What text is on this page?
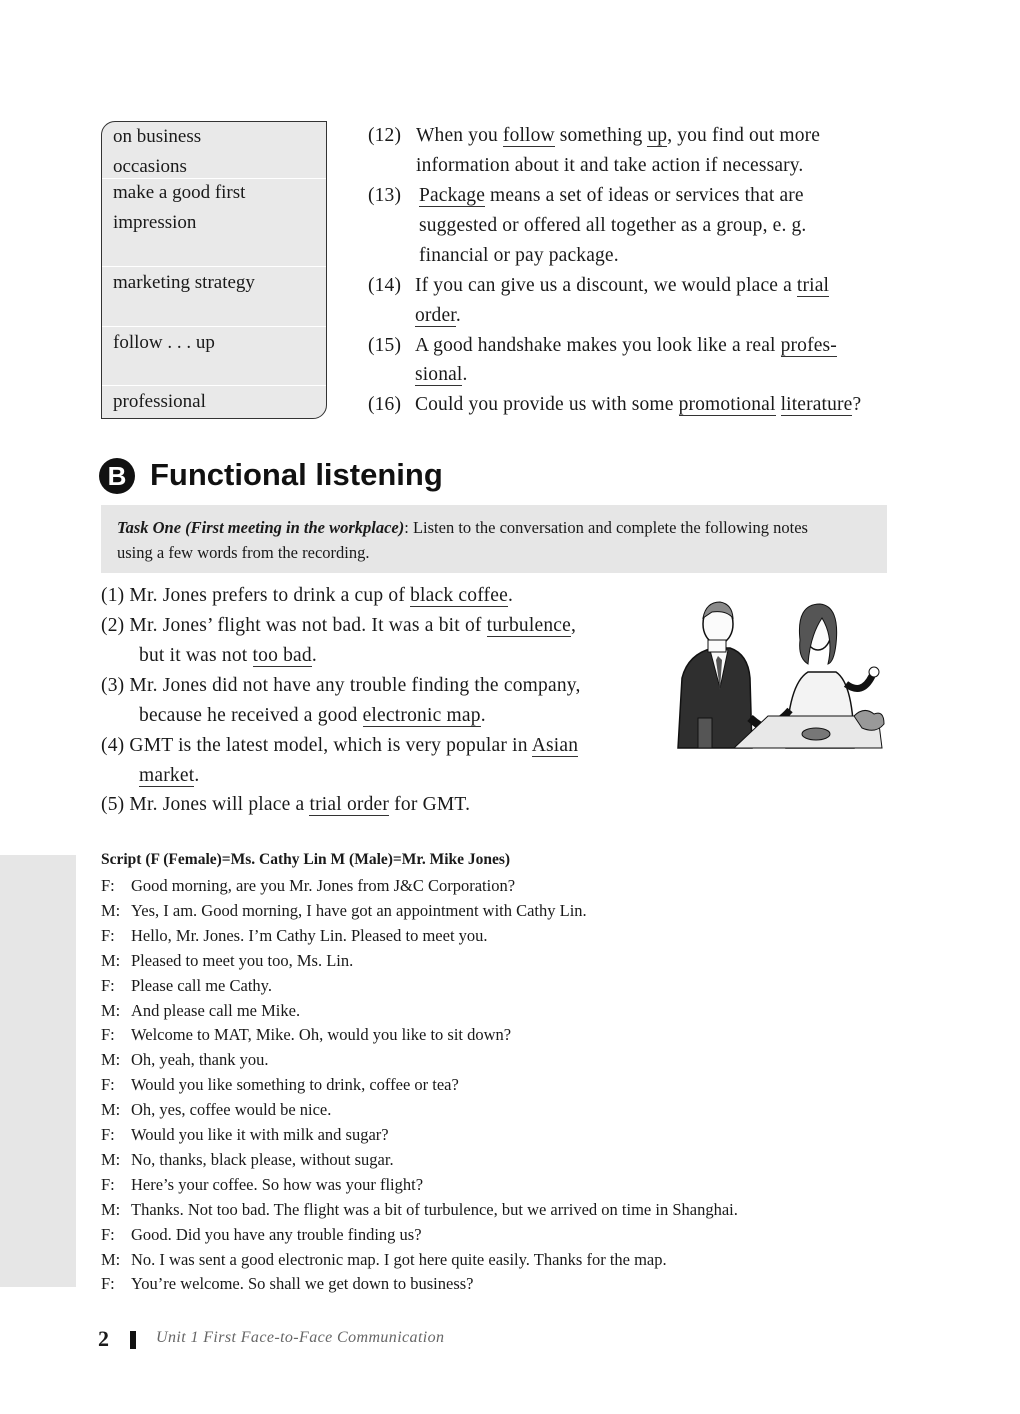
on business
occasions
make a good first
impression
marketing strategy
follow . . . up
professional
(12) When you follow something up, you find out more
information about it and take action if necessary.
(13) Package means a set of ideas or services that are
suggested or offered all together as a group, e. g.
financial or pay package.
(14) If you can give us a discount, we would place a trial
order.
(15) A good handshake makes you look like a real profes-
sional.
(16) Could you provide us with some promotional literature?
B Functional listening
Task One (First meeting in the workplace): Listen to the conversation and complete the following notes
using a few words from the recording.
(1) Mr. Jones prefers to drink a cup of black coffee.
(2) Mr. Jones’ flight was not bad. It was a bit of turbulence,
but it was not too bad.
(3) Mr. Jones did not have any trouble finding the company,
because he received a good electronic map.
(4) GMT is the latest model, which is very popular in Asian
market.
(5) Mr. Jones will place a trial order for GMT.
Script (F (Female)=Ms. Cathy Lin M (Male)=Mr. Mike Jones)
F: Good morning, are you Mr. Jones from J&C Corporation?
M: Yes, I am. Good morning, I have got an appointment with Cathy Lin.
F: Hello, Mr. Jones. I’m Cathy Lin. Pleased to meet you.
M: Pleased to meet you too, Ms. Lin.
F: Please call me Cathy.
M: And please call me Mike.
F: Welcome to MAT, Mike. Oh, would you like to sit down?
M: Oh, yeah, thank you.
F: Would you like something to drink, coffee or tea?
M: Oh, yes, coffee would be nice.
F: Would you like it with milk and sugar?
M: No, thanks, black please, without sugar.
F: Here’s your coffee. So how was your flight?
M: Thanks. Not too bad. The flight was a bit of turbulence, but we arrived on time in Shanghai.
F: Good. Did you have any trouble finding us?
M: No. I was sent a good electronic map. I got here quite easily. Thanks for the map.
F: You’re welcome. So shall we get down to business?
2	Unit 1 First Face-to-Face Communication
